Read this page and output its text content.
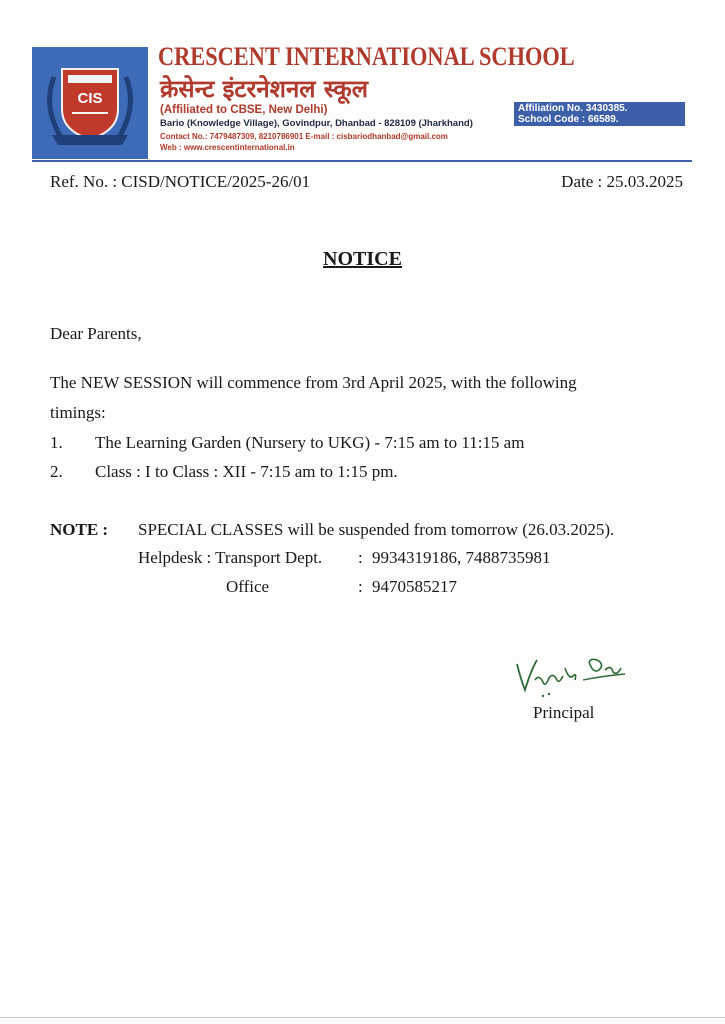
CIS
CRESCENT INTERNATIONAL SCHOOL
क्रेसेन्ट इंटरनेशनल स्कूल
(Affiliated to CBSE, New Delhi)
Bario (Knowledge Village), Govindpur, Dhanbad - 828109 (Jharkhand)
Contact No.: 7479487309, 8210786901 E-mail : cisbariodhanbad@gmail.com
Web : www.crescentinternational.in
Affiliation No. 3430385.
School Code : 66589.
Ref. No. : CISD/NOTICE/2025-26/01	Date : 25.03.2025
NOTICE
Dear Parents,
The NEW SESSION will commence from 3rd April 2025, with the following
timings:
1. The Learning Garden (Nursery to UKG) - 7:15 am to 11:15 am
2. Class : I to Class : XII - 7:15 am to 1:15 pm.
NOTE : SPECIAL CLASSES will be suspended from tomorrow (26.03.2025).
Helpdesk : Transport Dept. : 9934319186, 7488735981
Office	: 9470585217
Principal
